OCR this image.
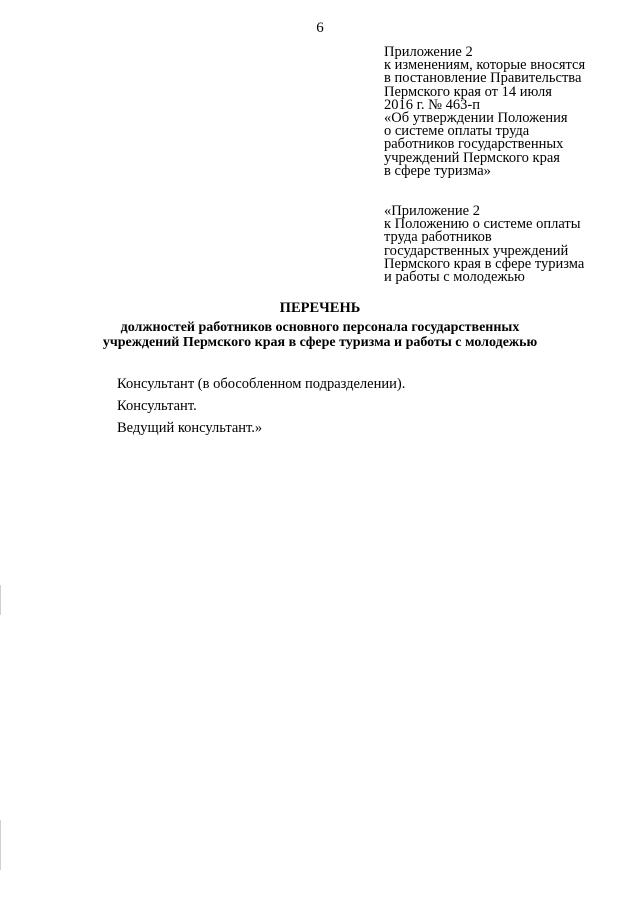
6
Приложение 2
к изменениям, которые вносятся
в постановление Правительства
Пермского края от 14 июля
2016 г. № 463-п
«Об утверждении Положения
о системе оплаты труда
работников государственных
учреждений Пермского края
в сфере туризма»
«Приложение 2
к Положению о системе оплаты
труда работников
государственных учреждений
Пермского края в сфере туризма
и работы с молодежью
ПЕРЕЧЕНЬ
должностей работников основного персонала государственных
учреждений Пермского края в сфере туризма и работы с молодежью
Консультант (в обособленном подразделении).
Консультант.
Ведущий консультант.»
